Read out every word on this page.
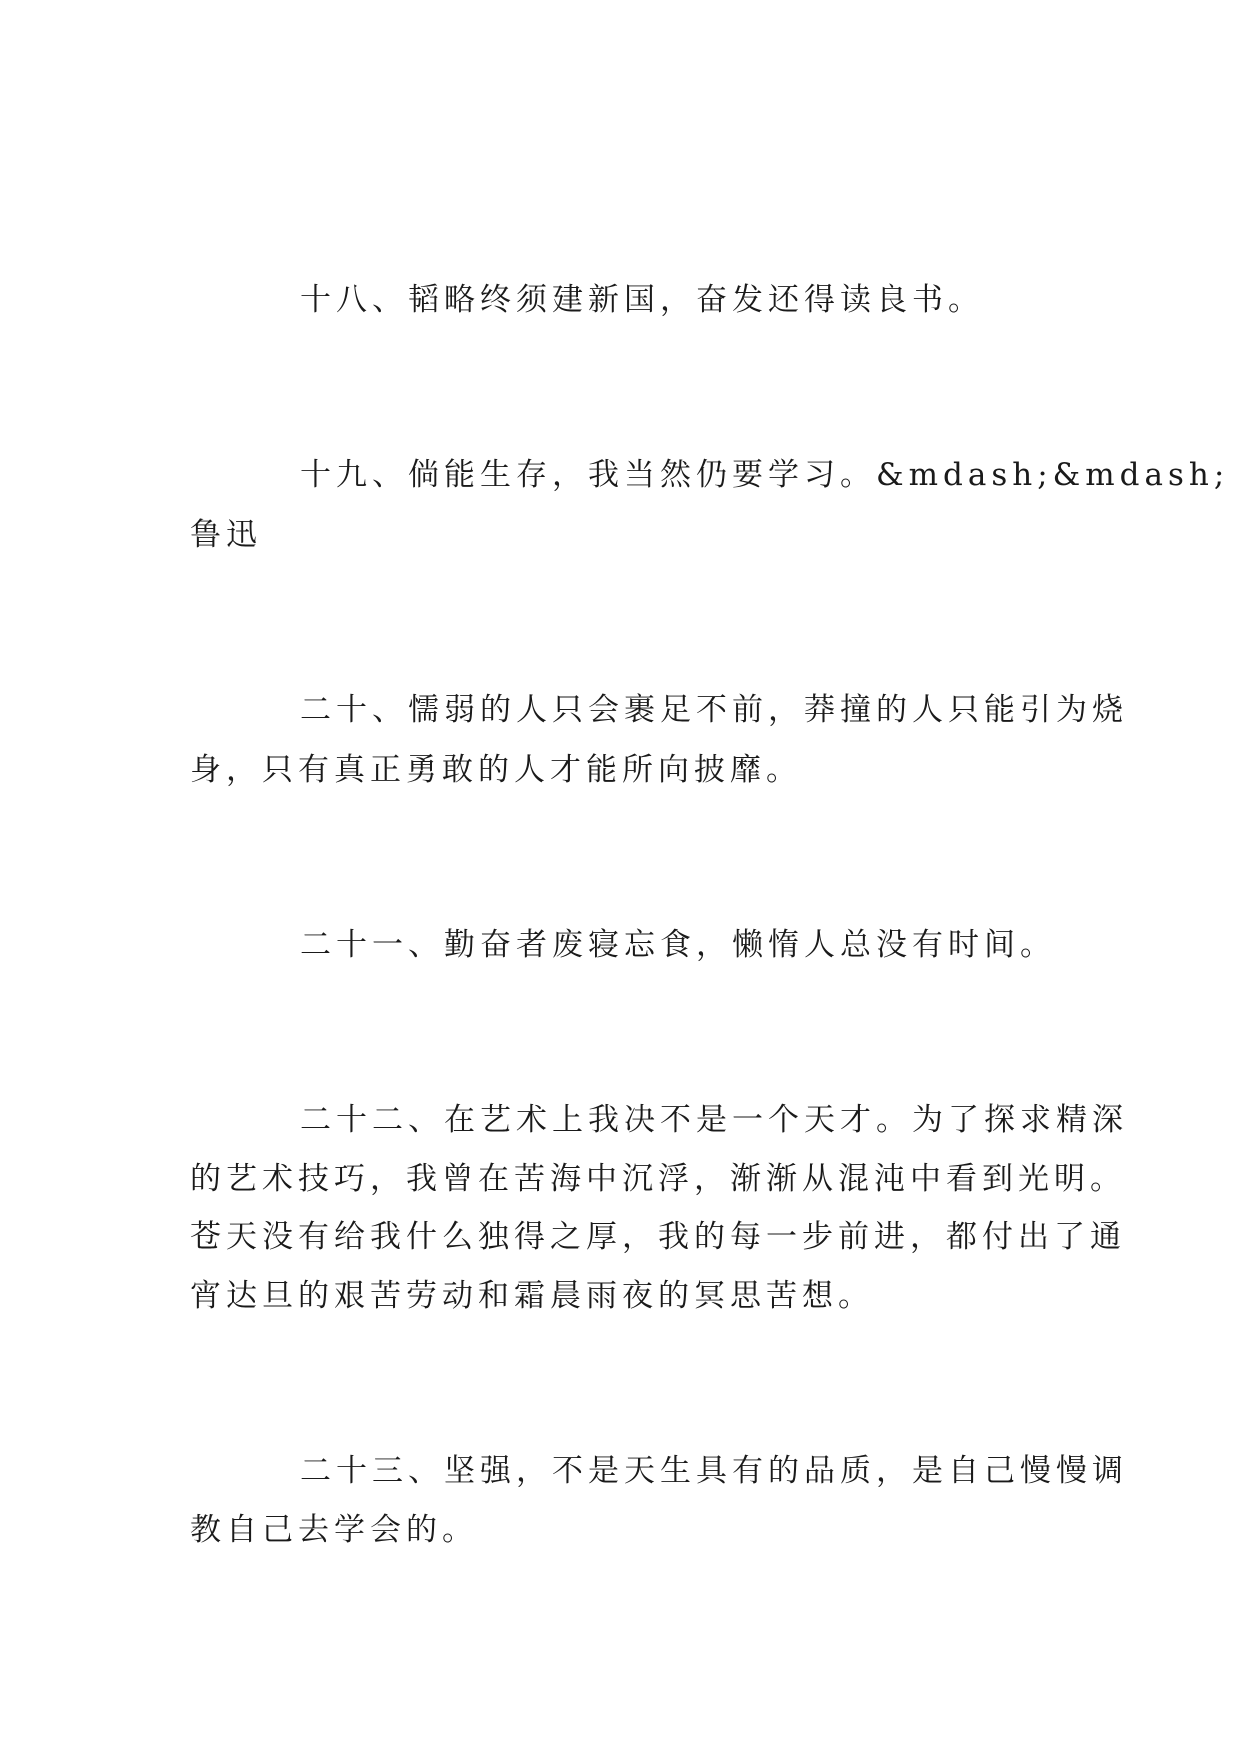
十八、韬略终须建新国，奋发还得读良书。
十九、倘能生存，我当然仍要学习。&mdash;&mdash;
鲁迅
二十、懦弱的人只会裹足不前，莽撞的人只能引为烧
身，只有真正勇敢的人才能所向披靡。
二十一、勤奋者废寝忘食，懒惰人总没有时间。
二十二、在艺术上我决不是一个天才。为了探求精深
的艺术技巧，我曾在苦海中沉浮，渐渐从混沌中看到光明。
苍天没有给我什么独得之厚，我的每一步前进，都付出了通
宵达旦的艰苦劳动和霜晨雨夜的冥思苦想。
二十三、坚强，不是天生具有的品质，是自己慢慢调
教自己去学会的。
